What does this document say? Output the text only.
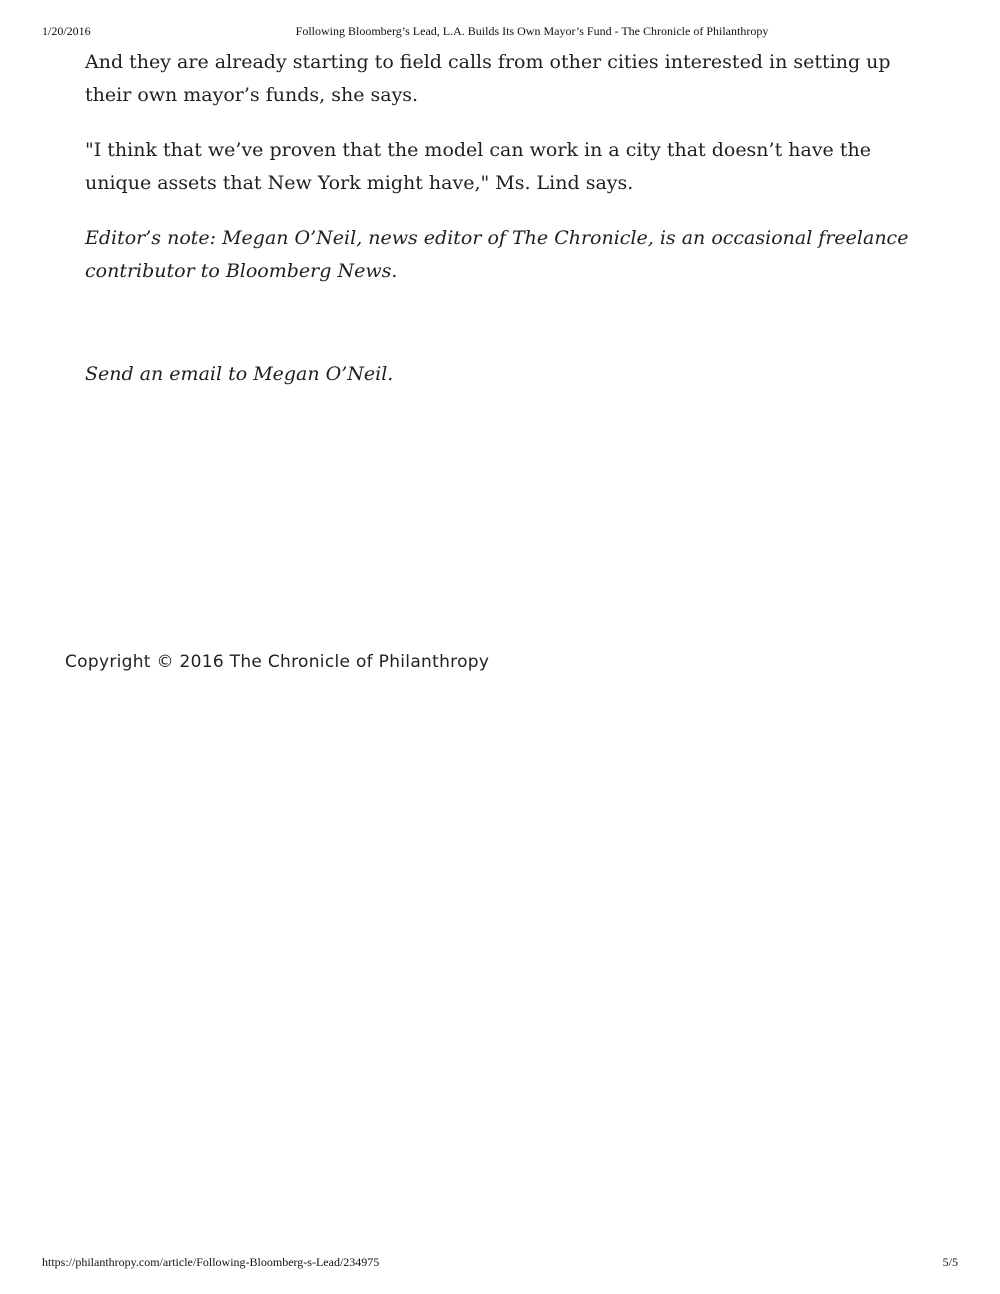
1/20/2016	Following Bloomberg’s Lead, L.A. Builds Its Own Mayor’s Fund - The Chronicle of Philanthropy

And they are already starting to field calls from other cities interested in setting up their own mayor’s funds, she says.

"I think that we’ve proven that the model can work in a city that doesn’t have the unique assets that New York might have," Ms. Lind says.

Editor’s note: Megan O’Neil, news editor of The Chronicle, is an occasional freelance contributor to Bloomberg News.

Send an email to Megan O’Neil.
Copyright © 2016 The Chronicle of Philanthropy
https://philanthropy.com/article/Following-Bloomberg-s-Lead/234975	5/5
